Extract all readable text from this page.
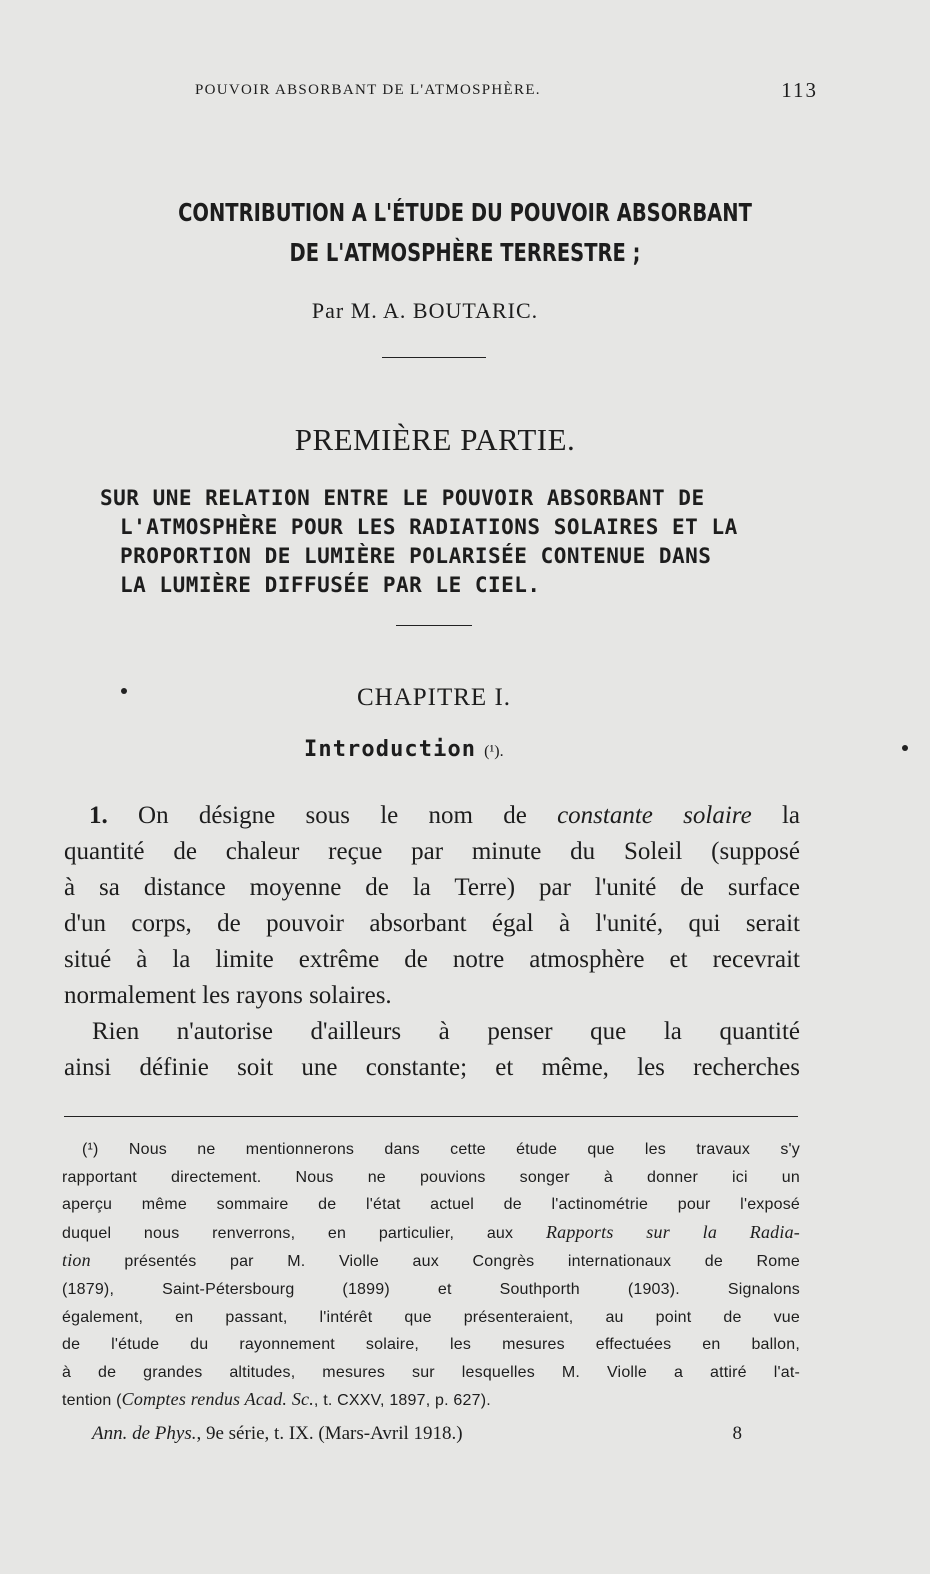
POUVOIR ABSORBANT DE L'ATMOSPHÈRE.	113
CONTRIBUTION A L'ÉTUDE DU POUVOIR ABSORBANT
DE L'ATMOSPHÈRE TERRESTRE ;
Par M. A. BOUTARIC.
PREMIÈRE PARTIE.
SUR UNE RELATION ENTRE LE POUVOIR ABSORBANT DE
L'ATMOSPHÈRE POUR LES RADIATIONS SOLAIRES ET LA
PROPORTION DE LUMIÈRE POLARISÉE CONTENUE DANS
LA LUMIÈRE DIFFUSÉE PAR LE CIEL.
CHAPITRE I.
Introduction (¹).
1. On désigne sous le nom de constante solaire la
quantité de chaleur reçue par minute du Soleil (supposé
à sa distance moyenne de la Terre) par l'unité de surface
d'un corps, de pouvoir absorbant égal à l'unité, qui serait
situé à la limite extrême de notre atmosphère et recevrait
normalement les rayons solaires.
Rien n'autorise d'ailleurs à penser que la quantité
ainsi définie soit une constante; et même, les recherches
(¹) Nous ne mentionnerons dans cette étude que les travaux s'y
rapportant directement. Nous ne pouvions songer à donner ici un
aperçu même sommaire de l'état actuel de l'actinométrie pour l'exposé
duquel nous renverrons, en particulier, aux Rapports sur la Radia-
tion présentés par M. Violle aux Congrès internationaux de Rome
(1879), Saint-Pétersbourg (1899) et Southporth (1903). Signalons
également, en passant, l'intérêt que présenteraient, au point de vue
de l'étude du rayonnement solaire, les mesures effectuées en ballon,
à de grandes altitudes, mesures sur lesquelles M. Violle a attiré l'at-
tention (Comptes rendus Acad. Sc., t. CXXV, 1897, p. 627).
Ann. de Phys., 9e série, t. IX. (Mars-Avril 1918.)	8
